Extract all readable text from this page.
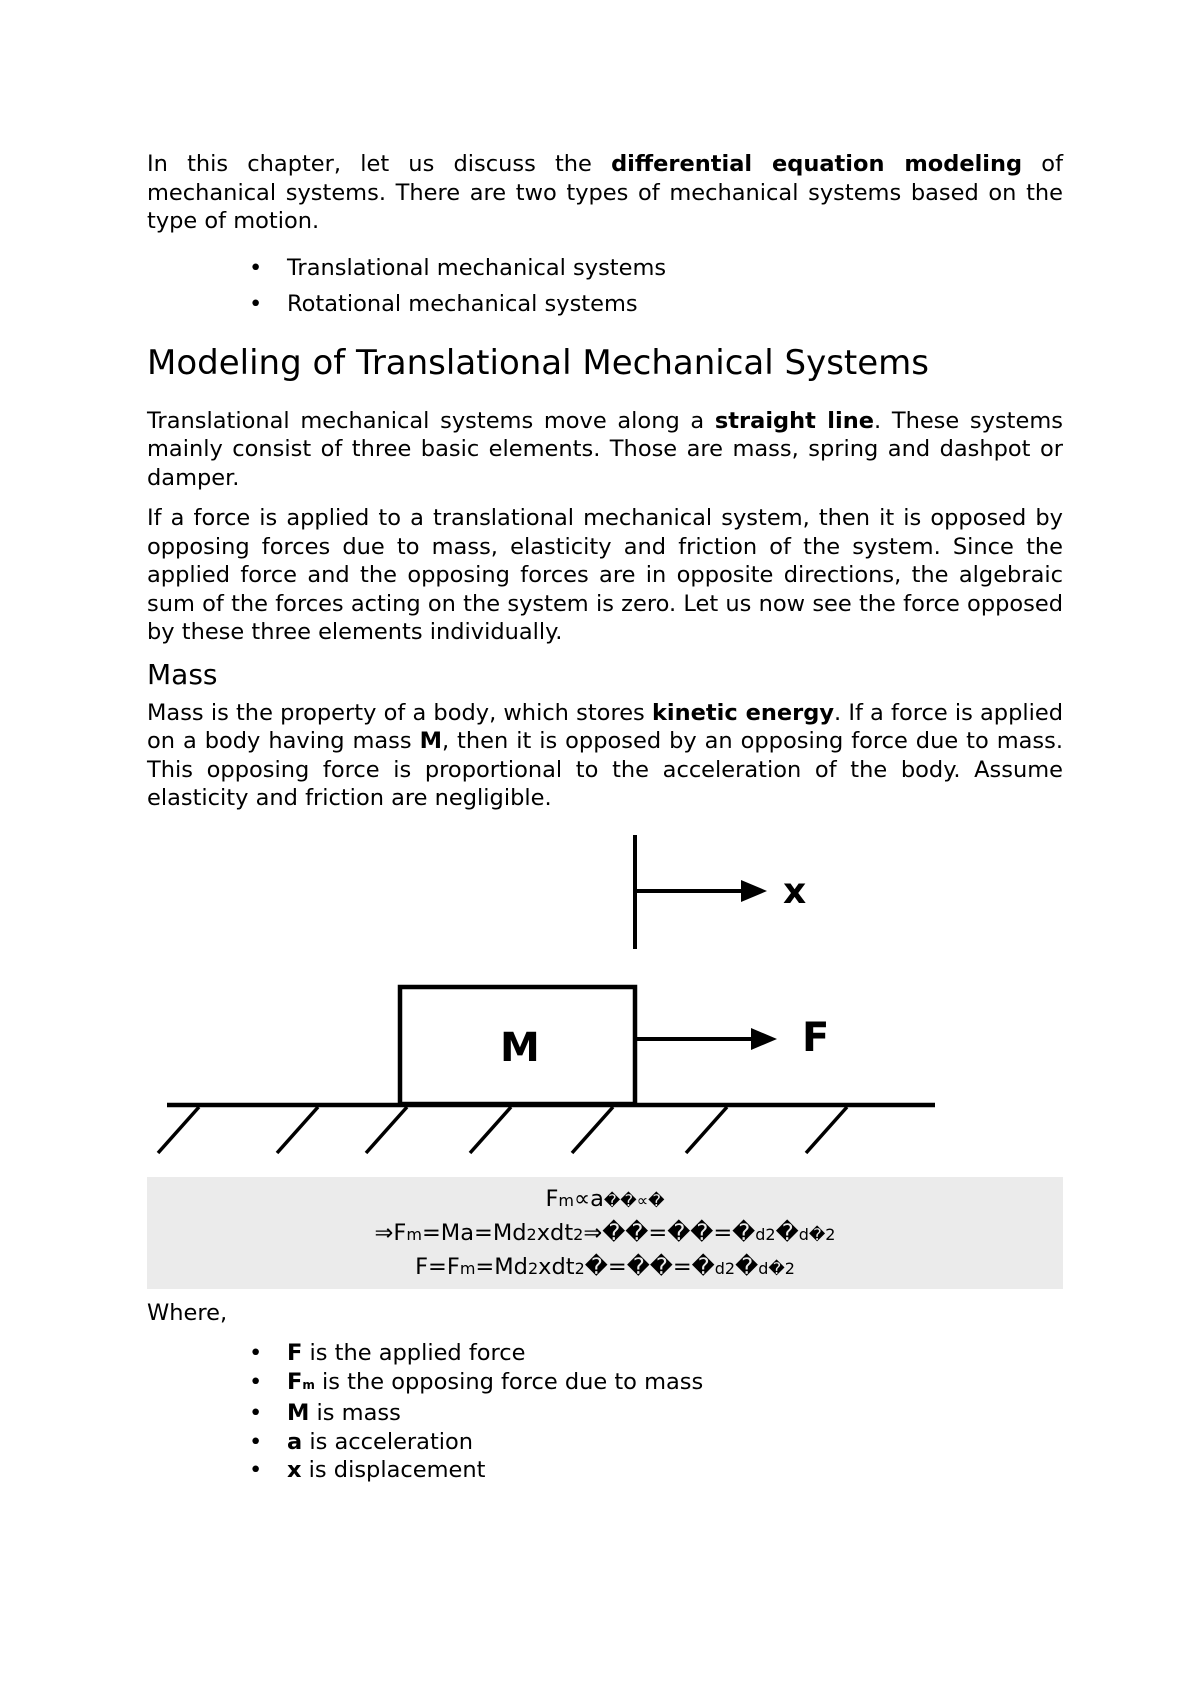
In this chapter, let us discuss the differential equation modeling of mechanical systems. There are two types of mechanical systems based on the type of motion.

• Translational mechanical systems
• Rotational mechanical systems
Modeling of Translational Mechanical Systems

Translational mechanical systems move along a straight line. These systems mainly consist of three basic elements. Those are mass, spring and dashpot or damper.

If a force is applied to a translational mechanical system, then it is opposed by opposing forces due to mass, elasticity and friction of the system. Since the applied force and the opposing forces are in opposite directions, the algebraic sum of the forces acting on the system is zero. Let us now see the force opposed by these three elements individually.

Mass

Mass is the property of a body, which stores kinetic energy. If a force is applied on a body having mass M, then it is opposed by an opposing force due to mass. This opposing force is proportional to the acceleration of the body. Assume elasticity and friction are negligible.

x
M	F
Fm∝a��∝�
⇒Fm=Ma=Md2xdt2⇒��=��=�d2�d�2
F=Fm=Md2xdt2�=��=�d2�d�2

Where,

• F is the applied force
• Fm is the opposing force due to mass
• M is mass
• a is acceleration
• x is displacement
